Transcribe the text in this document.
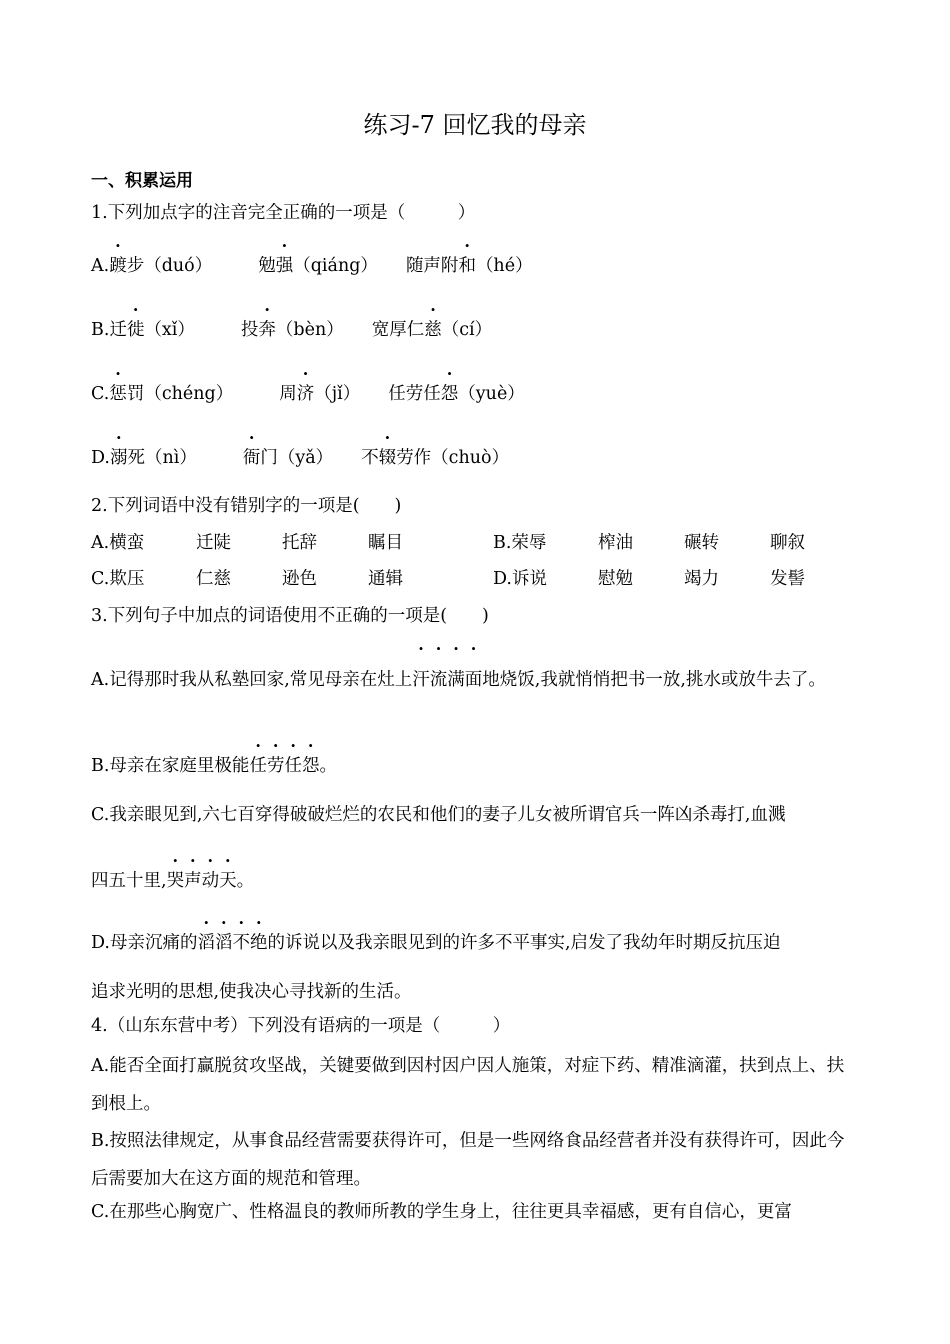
练习-7 回忆我的母亲
一、积累运用
1.下列加点字的注音完全正确的一项是（　　　）
A.踱步（duó）	勉强（qiáng） 随声附和（hé）
B.迁徙（xǐ）	投奔（bèn） 宽厚仁慈（cí）
C.惩罚（chéng）	周济（jǐ） 任劳任怨（yuè）
D.溺死（nì）	衙门（yǎ） 不辍劳作（chuò）
2.下列词语中没有错别字的一项是(　　)
A.横蛮	迁陡	托辞	瞩目	B.荣辱	榨油	碾转	聊叙
C.欺压	仁慈	逊色	通辑	D.诉说	慰勉	竭力	发髻
3.下列句子中加点的词语使用不正确的一项是(　　)
A.记得那时我从私塾回家,常见母亲在灶上汗流满面地烧饭,我就悄悄把书一放,挑水或放牛去了。
B.母亲在家庭里极能任劳任怨。
C.我亲眼见到,六七百穿得破破烂烂的农民和他们的妻子儿女被所谓官兵一阵凶杀毒打,血溅
四五十里,哭声动天。
D.母亲沉痛的滔滔不绝的诉说以及我亲眼见到的许多不平事实,启发了我幼年时期反抗压迫
追求光明的思想,使我决心寻找新的生活。
4.（山东东营中考）下列没有语病的一项是（　　　）
A.能否全面打赢脱贫攻坚战，关键要做到因村因户因人施策，对症下药、精准滴灌，扶到点上、扶到根上。
B.按照法律规定，从事食品经营需要获得许可，但是一些网络食品经营者并没有获得许可，因此今后需要加大在这方面的规范和管理。
C.在那些心胸宽广、性格温良的教师所教的学生身上，往往更具幸福感，更有自信心，更富
